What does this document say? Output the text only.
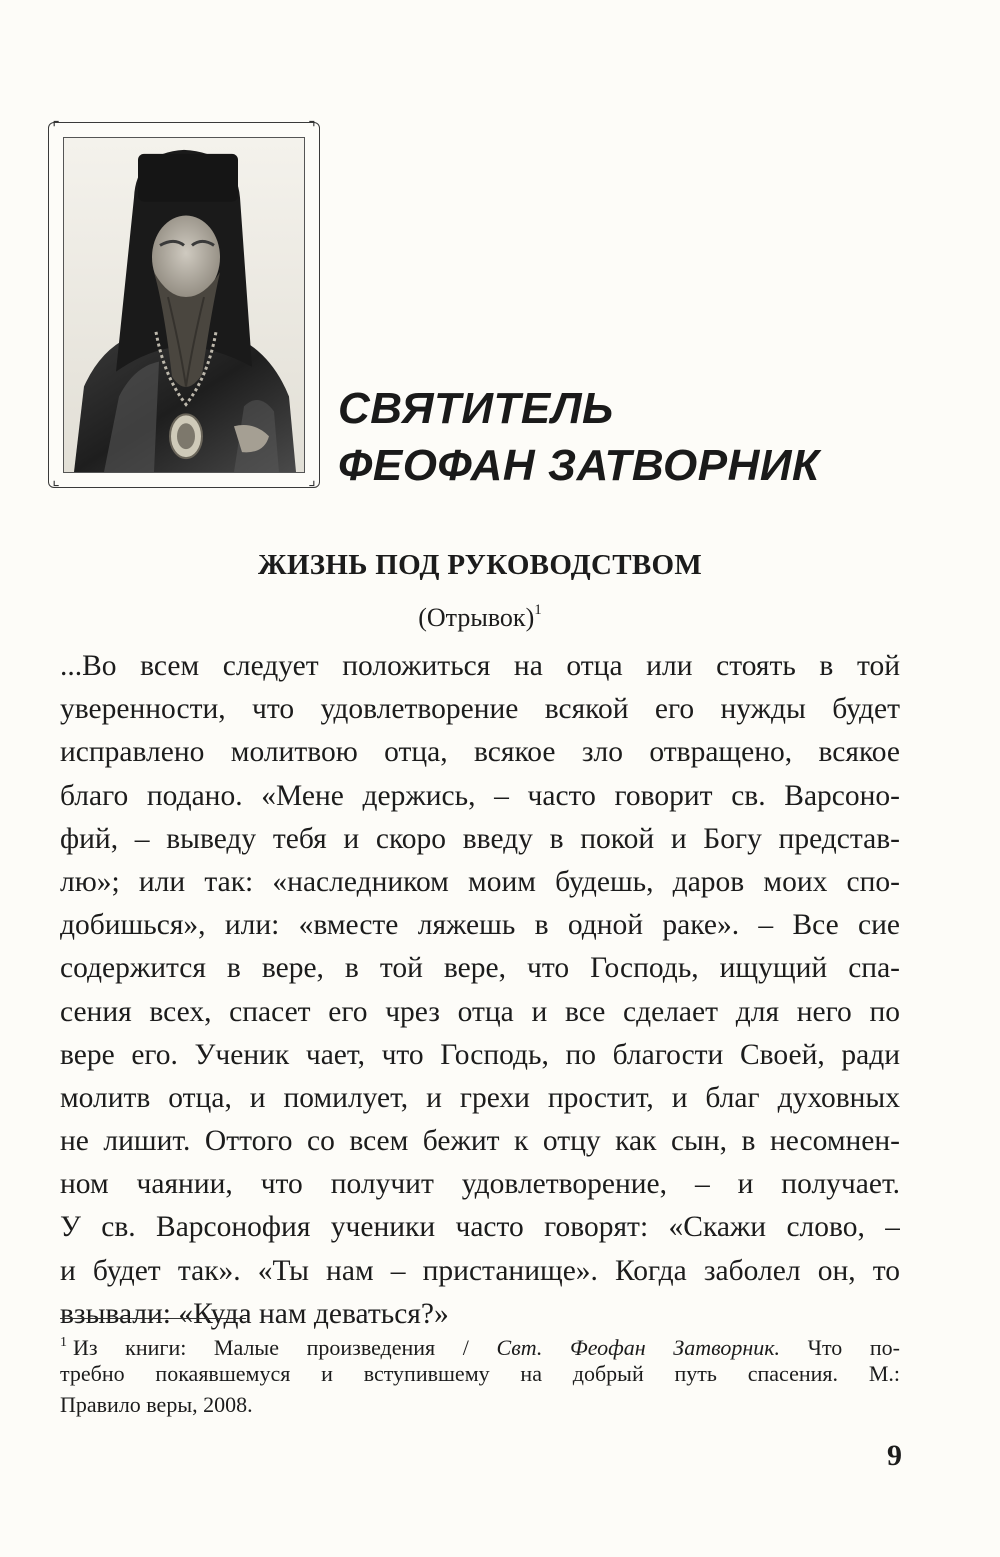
⌜	⌝
⌞	⌟
СВЯТИТЕЛЬ
ФЕОФАН ЗАТВОРНИК
ЖИЗНЬ ПОД РУКОВОДСТВОМ
(Отрывок)$^1$
...Во всем следует положиться на отца или стоять в той
уверенности, что удовлетворение всякой его нужды будет
исправлено молитвою отца, всякое зло отвращено, всякое
благо подано. «Мене держись, – часто говорит св. Варсоно-
фий, – выведу тебя и скоро введу в покой и Богу представ-
лю»; или так: «наследником моим будешь, даров моих спо-
добишься», или: «вместе ляжешь в одной раке». – Все сие
содержится в вере, в той вере, что Господь, ищущий спа-
сения всех, спасет его чрез отца и все сделает для него по
вере его. Ученик чает, что Господь, по благости Своей, ради
молитв отца, и помилует, и грехи простит, и благ духовных
не лишит. Оттого со всем бежит к отцу как сын, в несомнен-
ном чаянии, что получит удовлетворение, – и получает.
У св. Варсонофия ученики часто говорят: «Скажи слово, –
и будет так». «Ты нам – пристанище». Когда заболел он, то
взывали: «Куда нам деваться?»
$^1$ Из книги: Малые произведения / Свт. Феофан Затворник. Что по-
требно покаявшемуся и вступившему на добрый путь спасения. М.:
Правило веры, 2008.
9
